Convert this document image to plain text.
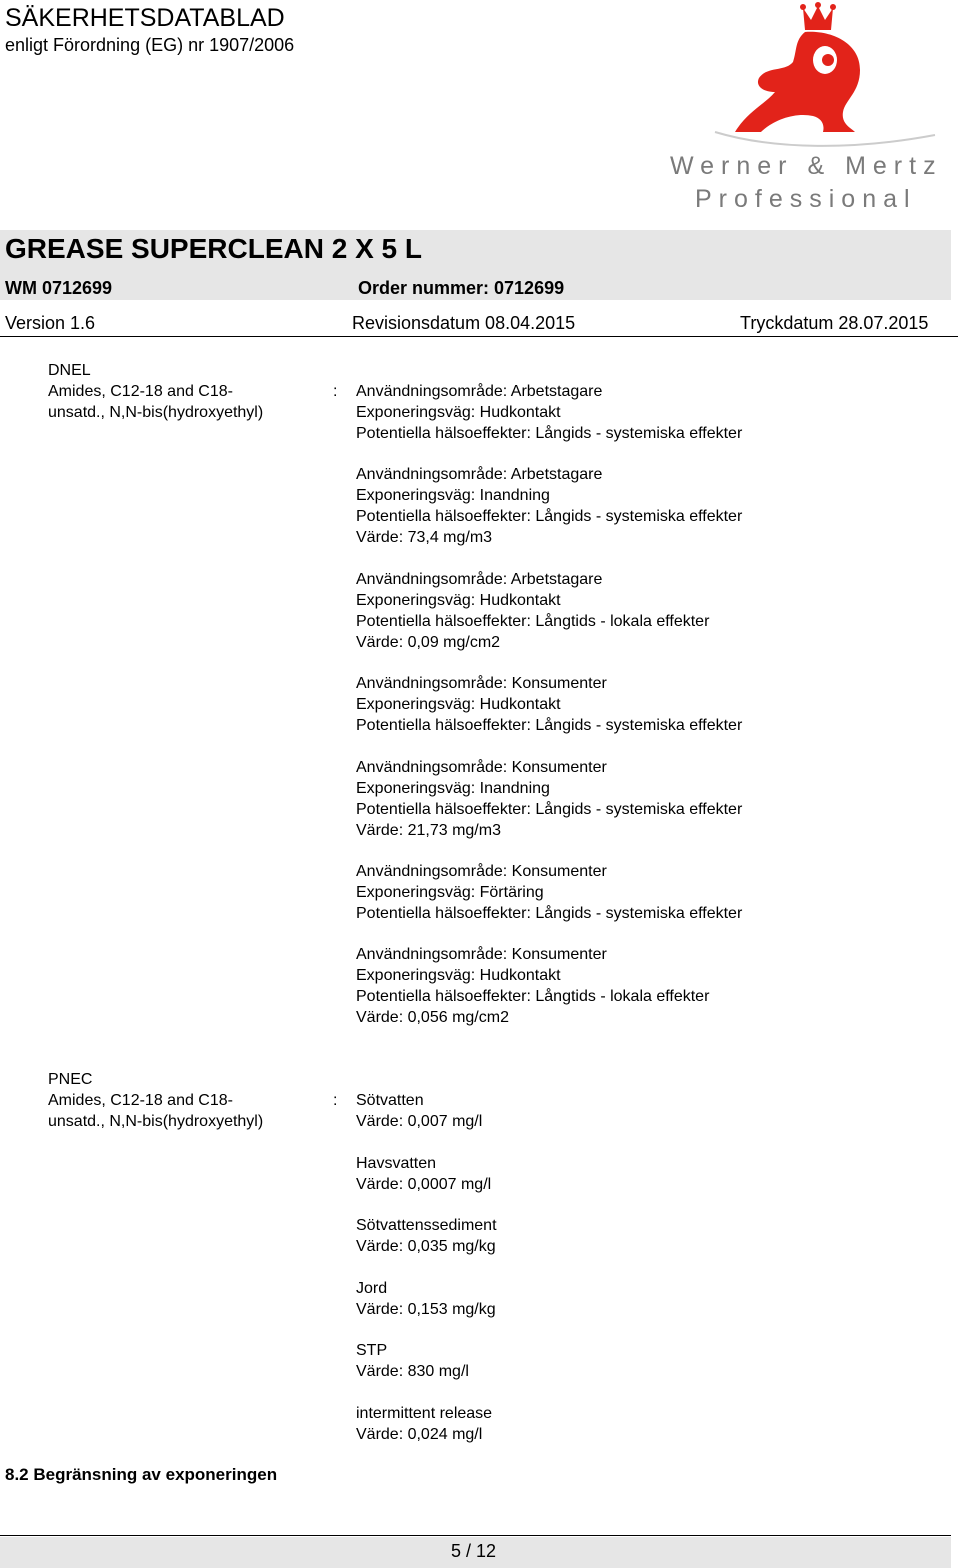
SÄKERHETSDATABLAD
enligt Förordning (EG) nr 1907/2006
Werner & Mertz
Professional
GREASE SUPERCLEAN 2 X 5 L
WM 0712699	Order nummer: 0712699
Version 1.6	Revisionsdatum 08.04.2015	Tryckdatum 28.07.2015
DNEL
Amides, C12-18 and C18-
unsatd., N,N-bis(hydroxyethyl)
: Användningsområde: Arbetstagare
Exponeringsväg: Hudkontakt
Potentiella hälsoeffekter: Långids - systemiska effekter
Användningsområde: Arbetstagare
Exponeringsväg: Inandning
Potentiella hälsoeffekter: Långids - systemiska effekter
Värde: 73,4 mg/m3
Användningsområde: Arbetstagare
Exponeringsväg: Hudkontakt
Potentiella hälsoeffekter: Långtids - lokala effekter
Värde: 0,09 mg/cm2
Användningsområde: Konsumenter
Exponeringsväg: Hudkontakt
Potentiella hälsoeffekter: Långids - systemiska effekter
Användningsområde: Konsumenter
Exponeringsväg: Inandning
Potentiella hälsoeffekter: Långids - systemiska effekter
Värde: 21,73 mg/m3
Användningsområde: Konsumenter
Exponeringsväg: Förtäring
Potentiella hälsoeffekter: Långids - systemiska effekter
Användningsområde: Konsumenter
Exponeringsväg: Hudkontakt
Potentiella hälsoeffekter: Långtids - lokala effekter
Värde: 0,056 mg/cm2
PNEC
Amides, C12-18 and C18-
unsatd., N,N-bis(hydroxyethyl)
: Sötvatten
Värde: 0,007 mg/l
Havsvatten
Värde: 0,0007 mg/l
Sötvattenssediment
Värde: 0,035 mg/kg
Jord
Värde: 0,153 mg/kg
STP
Värde: 830 mg/l
intermittent release
Värde: 0,024 mg/l
8.2 Begränsning av exponeringen
5 / 12
